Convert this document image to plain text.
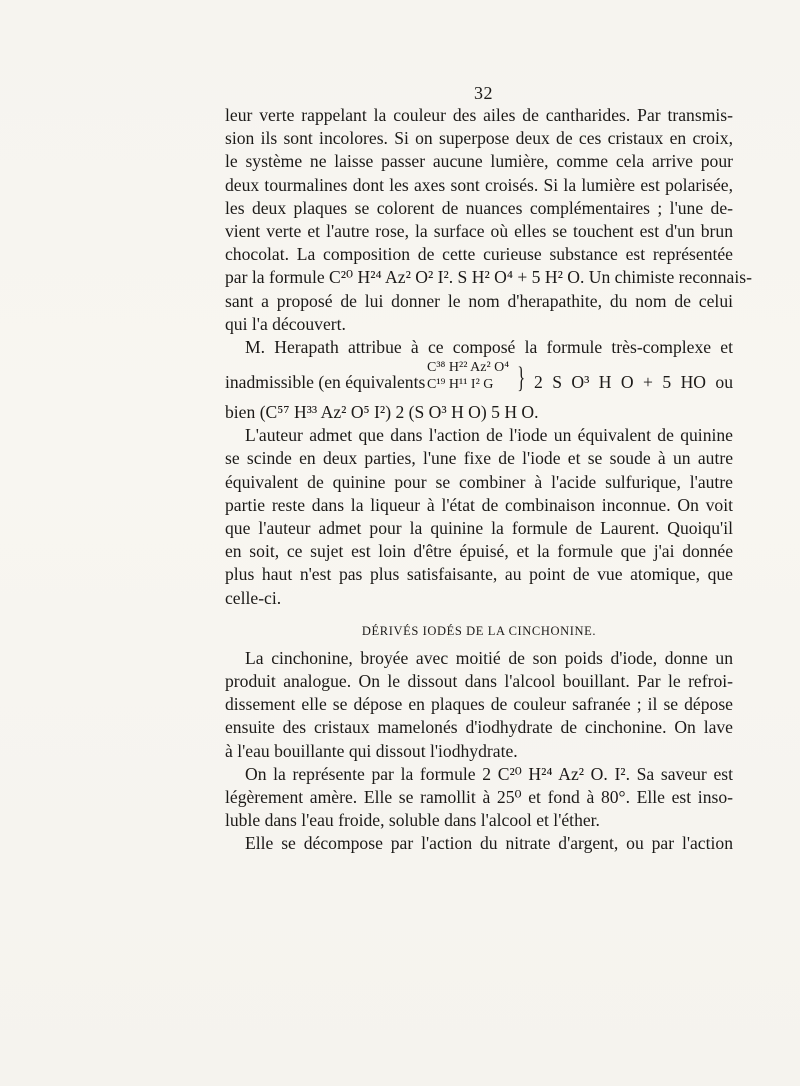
32
leur verte rappelant la couleur des ailes de cantharides. Par transmis-
sion ils sont incolores. Si on superpose deux de ces cristaux en croix,
le système ne laisse passer aucune lumière, comme cela arrive pour
deux tourmalines dont les axes sont croisés. Si la lumière est polarisée,
les deux plaques se colorent de nuances complémentaires ; l'une de-
vient verte et l'autre rose, la surface où elles se touchent est d'un brun
chocolat. La composition de cette curieuse substance est représentée
par la formule C²⁰ H²⁴ Az² O² I². S H² O⁴ + 5 H² O. Un chimiste reconnais-
sant a proposé de lui donner le nom d'herapathite, du nom de celui
qui l'a découvert.
M. Herapath attribue à ce composé la formule très-complexe et
inadmissible (en équivalents
C³⁸ H²² Az² O⁴
C¹⁹ H¹¹ I² G } 2 S O³ H O + 5 HO ou
bien (C⁵⁷ H³³ Az² O⁵ I²) 2 (S O³ H O) 5 H O.
L'auteur admet que dans l'action de l'iode un équivalent de quinine
se scinde en deux parties, l'une fixe de l'iode et se soude à un autre
équivalent de quinine pour se combiner à l'acide sulfurique, l'autre
partie reste dans la liqueur à l'état de combinaison inconnue. On voit
que l'auteur admet pour la quinine la formule de Laurent. Quoiqu'il
en soit, ce sujet est loin d'être épuisé, et la formule que j'ai donnée
plus haut n'est pas plus satisfaisante, au point de vue atomique, que
celle-ci.
DÉRIVÉS IODÉS DE LA CINCHONINE.
La cinchonine, broyée avec moitié de son poids d'iode, donne un
produit analogue. On le dissout dans l'alcool bouillant. Par le refroi-
dissement elle se dépose en plaques de couleur safranée ; il se dépose
ensuite des cristaux mamelonés d'iodhydrate de cinchonine. On lave
à l'eau bouillante qui dissout l'iodhydrate.
On la représente par la formule 2 C²⁰ H²⁴ Az² O. I². Sa saveur est
légèrement amère. Elle se ramollit à 25⁰ et fond à 80°. Elle est inso-
luble dans l'eau froide, soluble dans l'alcool et l'éther.
Elle se décompose par l'action du nitrate d'argent, ou par l'action
